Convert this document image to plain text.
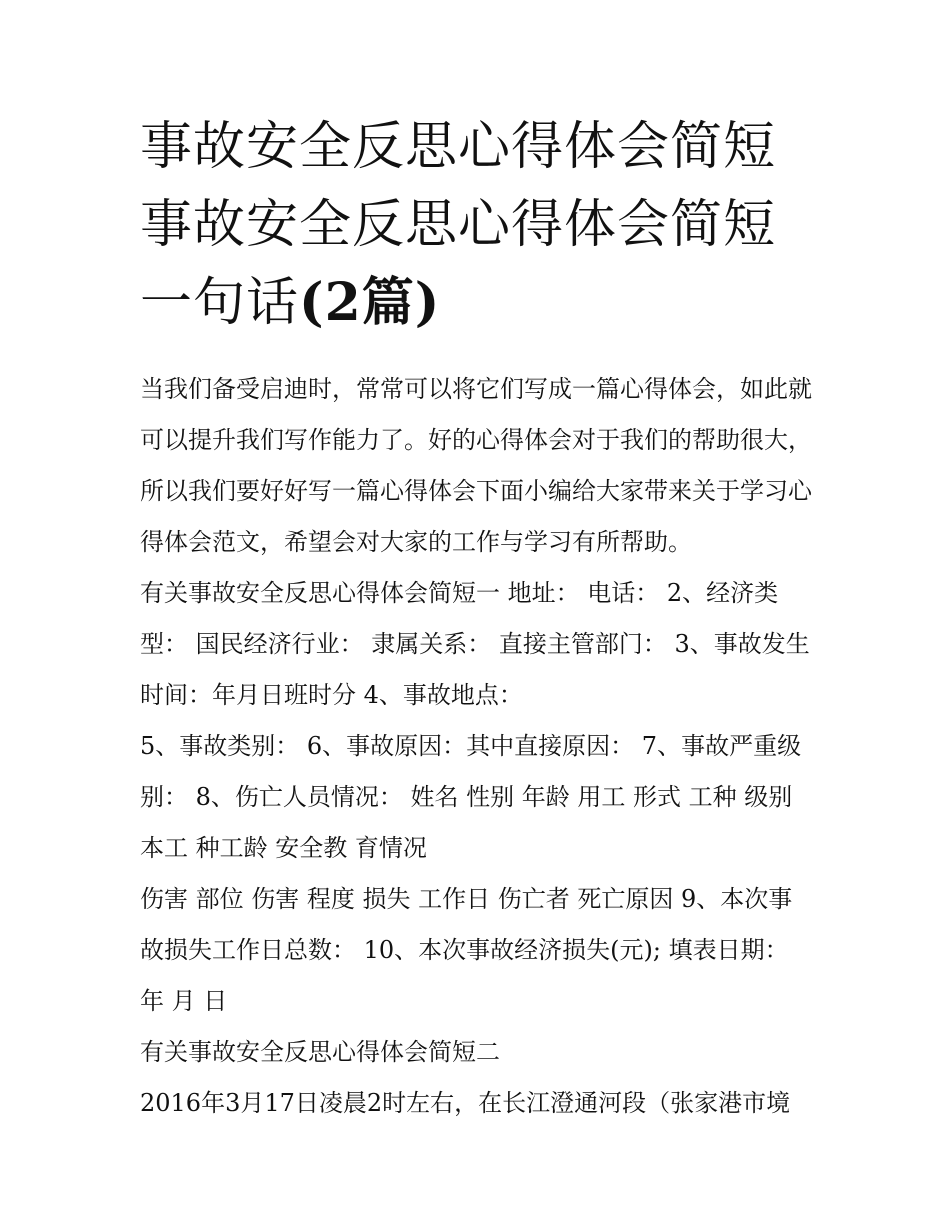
事故安全反思心得体会简短 事故安全反思心得体会简短一句话(2篇)

当我们备受启迪时，常常可以将它们写成一篇心得体会，如此就可以提升我们写作能力了。好的心得体会对于我们的帮助很大，所以我们要好好写一篇心得体会下面小编给大家带来关于学习心得体会范文，希望会对大家的工作与学习有所帮助。

有关事故安全反思心得体会简短一 地址： 电话： 2、经济类型： 国民经济行业： 隶属关系： 直接主管部门： 3、事故发生时间：年月日班时分 4、事故地点：

5、事故类别： 6、事故原因：其中直接原因： 7、事故严重级别： 8、伤亡人员情况： 姓名 性别 年龄 用工 形式 工种 级别 本工 种工龄 安全教 育情况

伤害 部位 伤害 程度 损失 工作日 伤亡者 死亡原因 9、本次事故损失工作日总数： 10、本次事故经济损失(元); 填表日期： 年 月 日

有关事故安全反思心得体会简短二

2016年3月17日凌晨2时左右，在长江澄通河段（张家港市境
